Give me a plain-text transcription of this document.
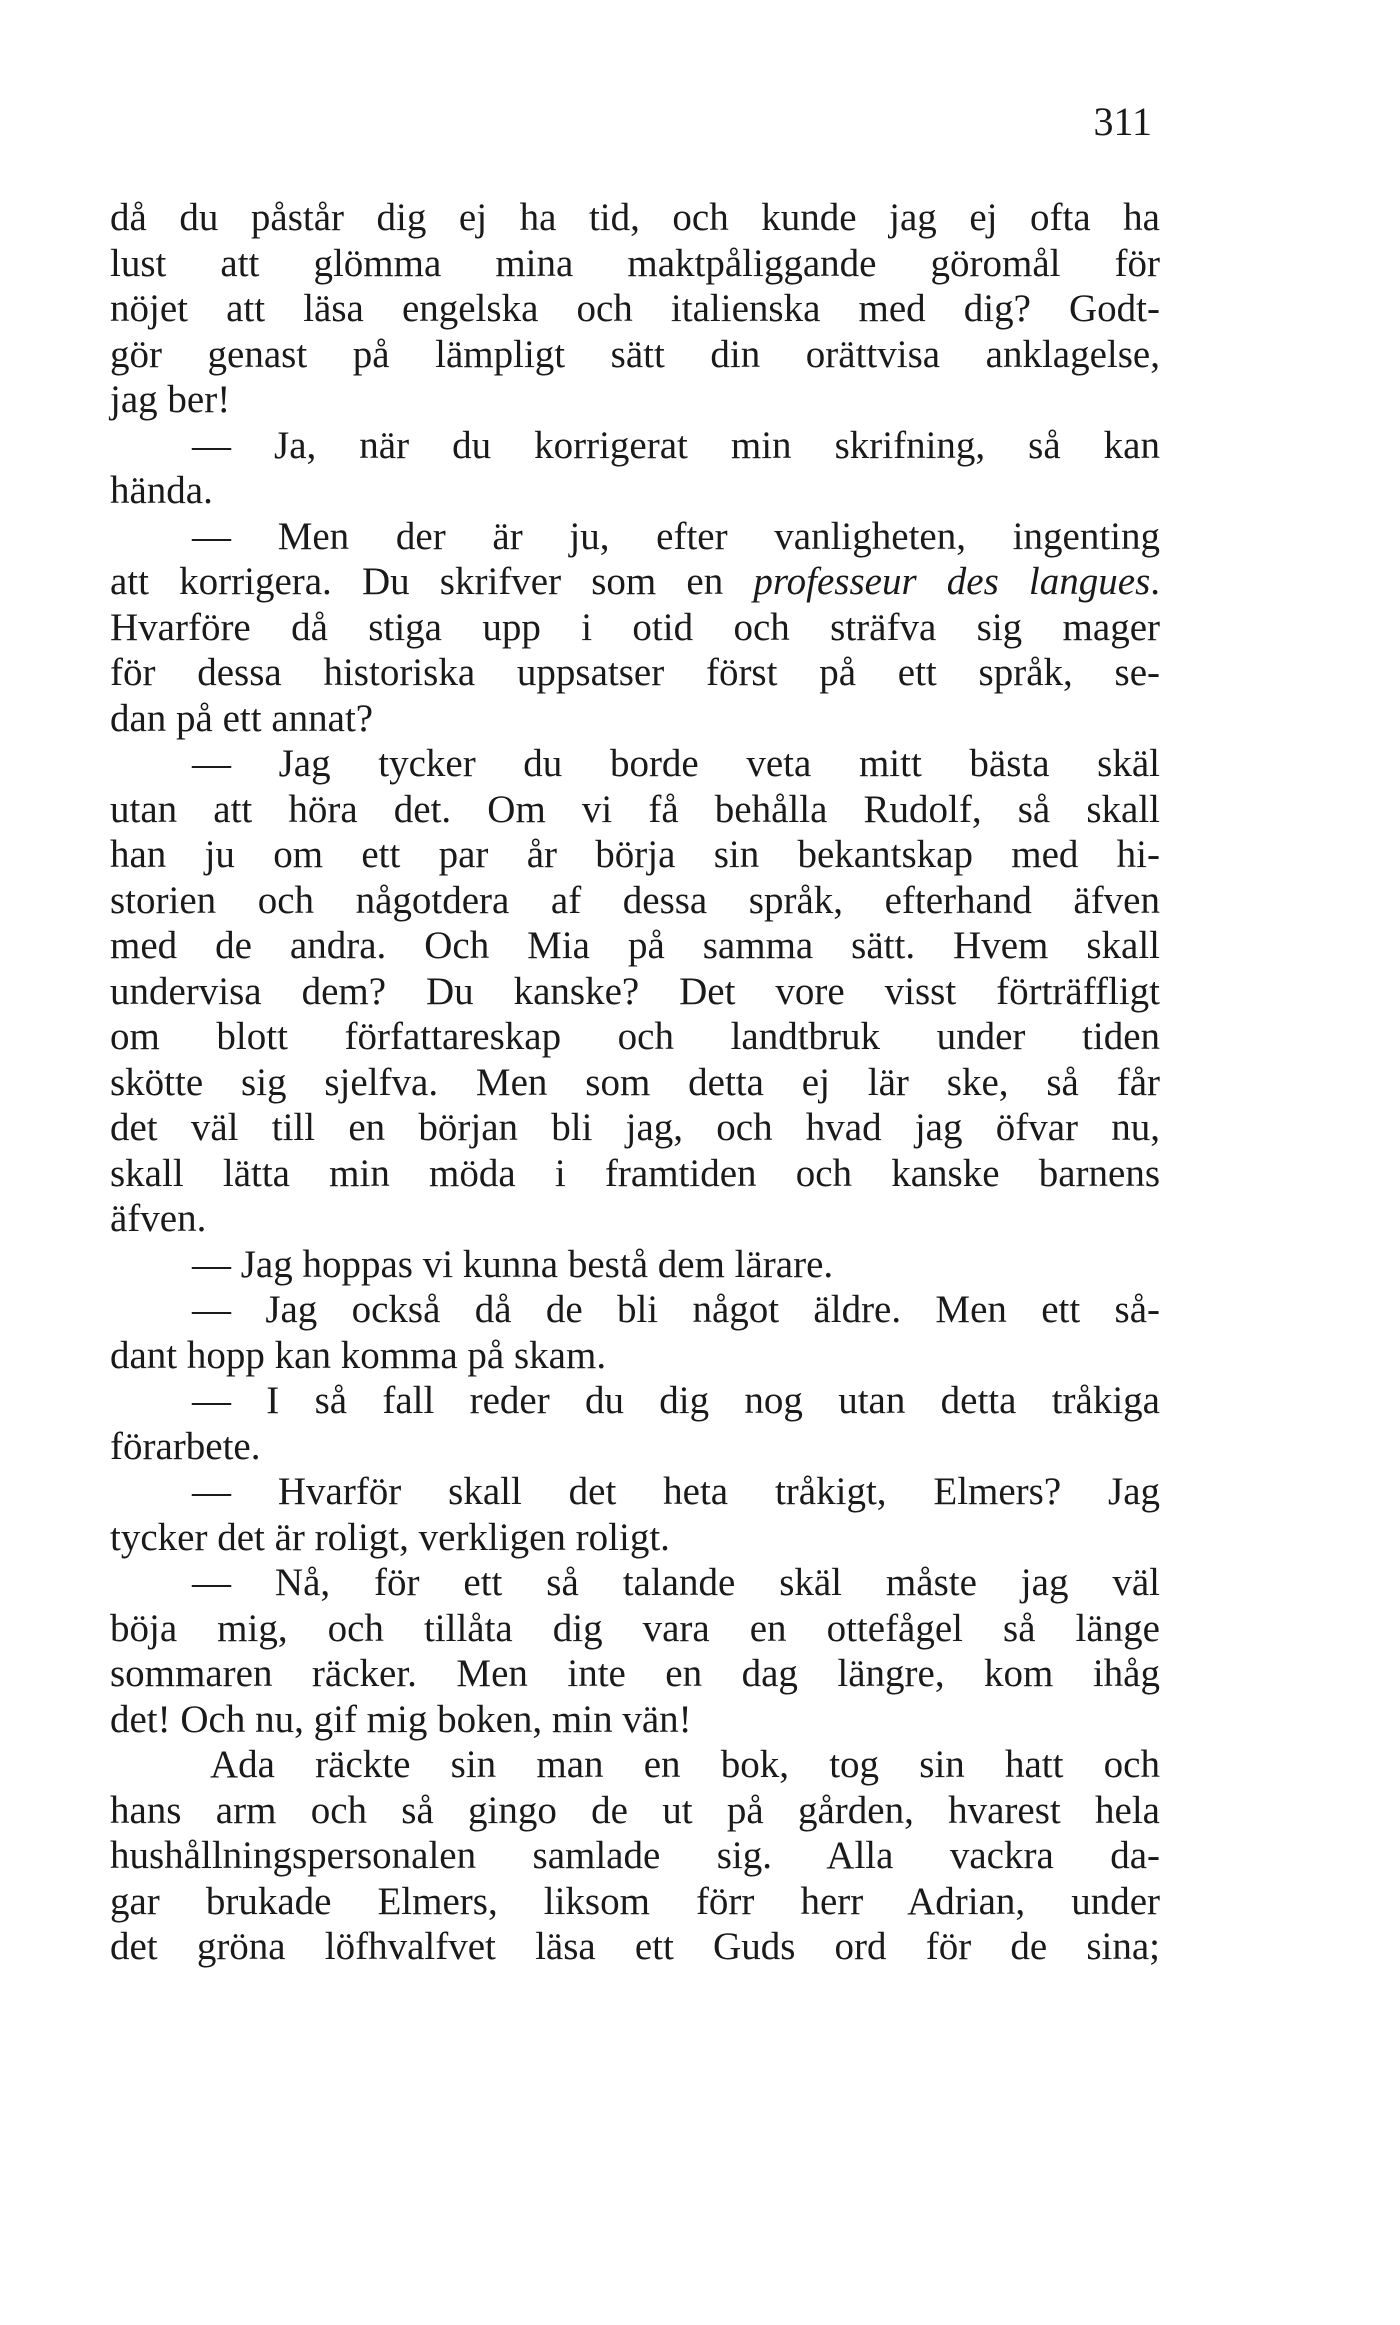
311
då du påstår dig ej ha tid, och kunde jag ej ofta ha
lust att glömma mina maktpåliggande göromål för
nöjet att läsa engelska och italienska med dig? Godt-
gör genast på lämpligt sätt din orättvisa anklagelse,
jag ber!
— Ja, när du korrigerat min skrifning, så kan
hända.
— Men der är ju, efter vanligheten, ingenting
att korrigera. Du skrifver som en professeur des langues.
Hvarföre då stiga upp i otid och sträfva sig mager
för dessa historiska uppsatser först på ett språk, se-
dan på ett annat?
— Jag tycker du borde veta mitt bästa skäl
utan att höra det. Om vi få behålla Rudolf, så skall
han ju om ett par år börja sin bekantskap med hi-
storien och någotdera af dessa språk, efterhand äfven
med de andra. Och Mia på samma sätt. Hvem skall
undervisa dem? Du kanske? Det vore visst förträffligt
om blott författareskap och landtbruk under tiden
skötte sig sjelfva. Men som detta ej lär ske, så får
det väl till en början bli jag, och hvad jag öfvar nu,
skall lätta min möda i framtiden och kanske barnens
äfven.
— Jag hoppas vi kunna bestå dem lärare.
— Jag också då de bli något äldre. Men ett så-
dant hopp kan komma på skam.
— I så fall reder du dig nog utan detta tråkiga
förarbete.
— Hvarför skall det heta tråkigt, Elmers? Jag
tycker det är roligt, verkligen roligt.
— Nå, för ett så talande skäl måste jag väl
böja mig, och tillåta dig vara en ottefågel så länge
sommaren räcker. Men inte en dag längre, kom ihåg
det! Och nu, gif mig boken, min vän!
Ada räckte sin man en bok, tog sin hatt och
hans arm och så gingo de ut på gården, hvarest hela
hushållningspersonalen samlade sig. Alla vackra da-
gar brukade Elmers, liksom förr herr Adrian, under
det gröna löfhvalfvet läsa ett Guds ord för de sina;
